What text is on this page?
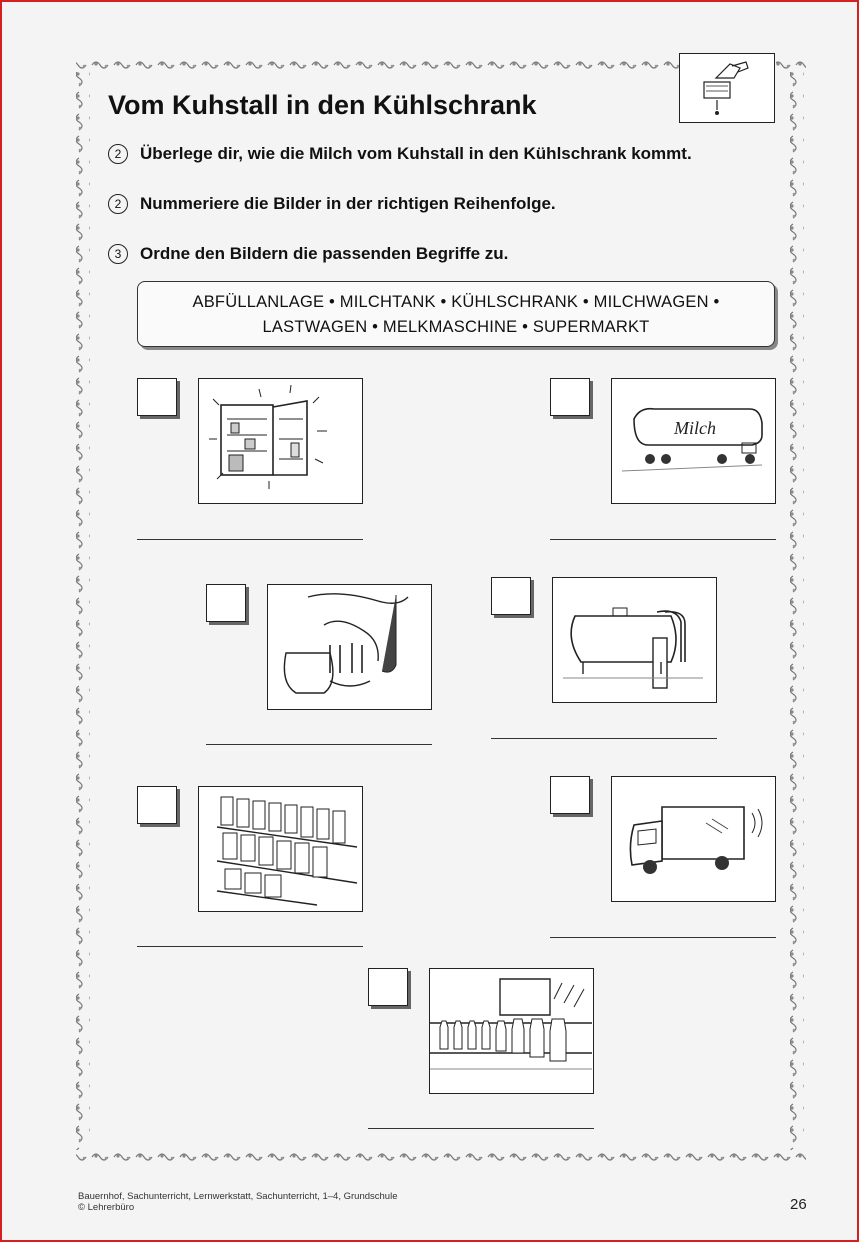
Vom Kuhstall in den Kühlschrank
2	Überlege dir, wie die Milch vom Kuhstall in den Kühlschrank kommt.
2	Nummeriere die Bilder in der richtigen Reihenfolge.
3	Ordne den Bildern die passenden Begriffe zu.
ABFÜLLANLAGE • MILCHTANK • KÜHLSCHRANK • MILCHWAGEN •
LASTWAGEN • MELKMASCHINE • SUPERMARKT
Milch
Bauernhof, Sachunterricht, Lernwerkstatt, Sachunterricht, 1–4, Grundschule
© Lehrerbüro	26
